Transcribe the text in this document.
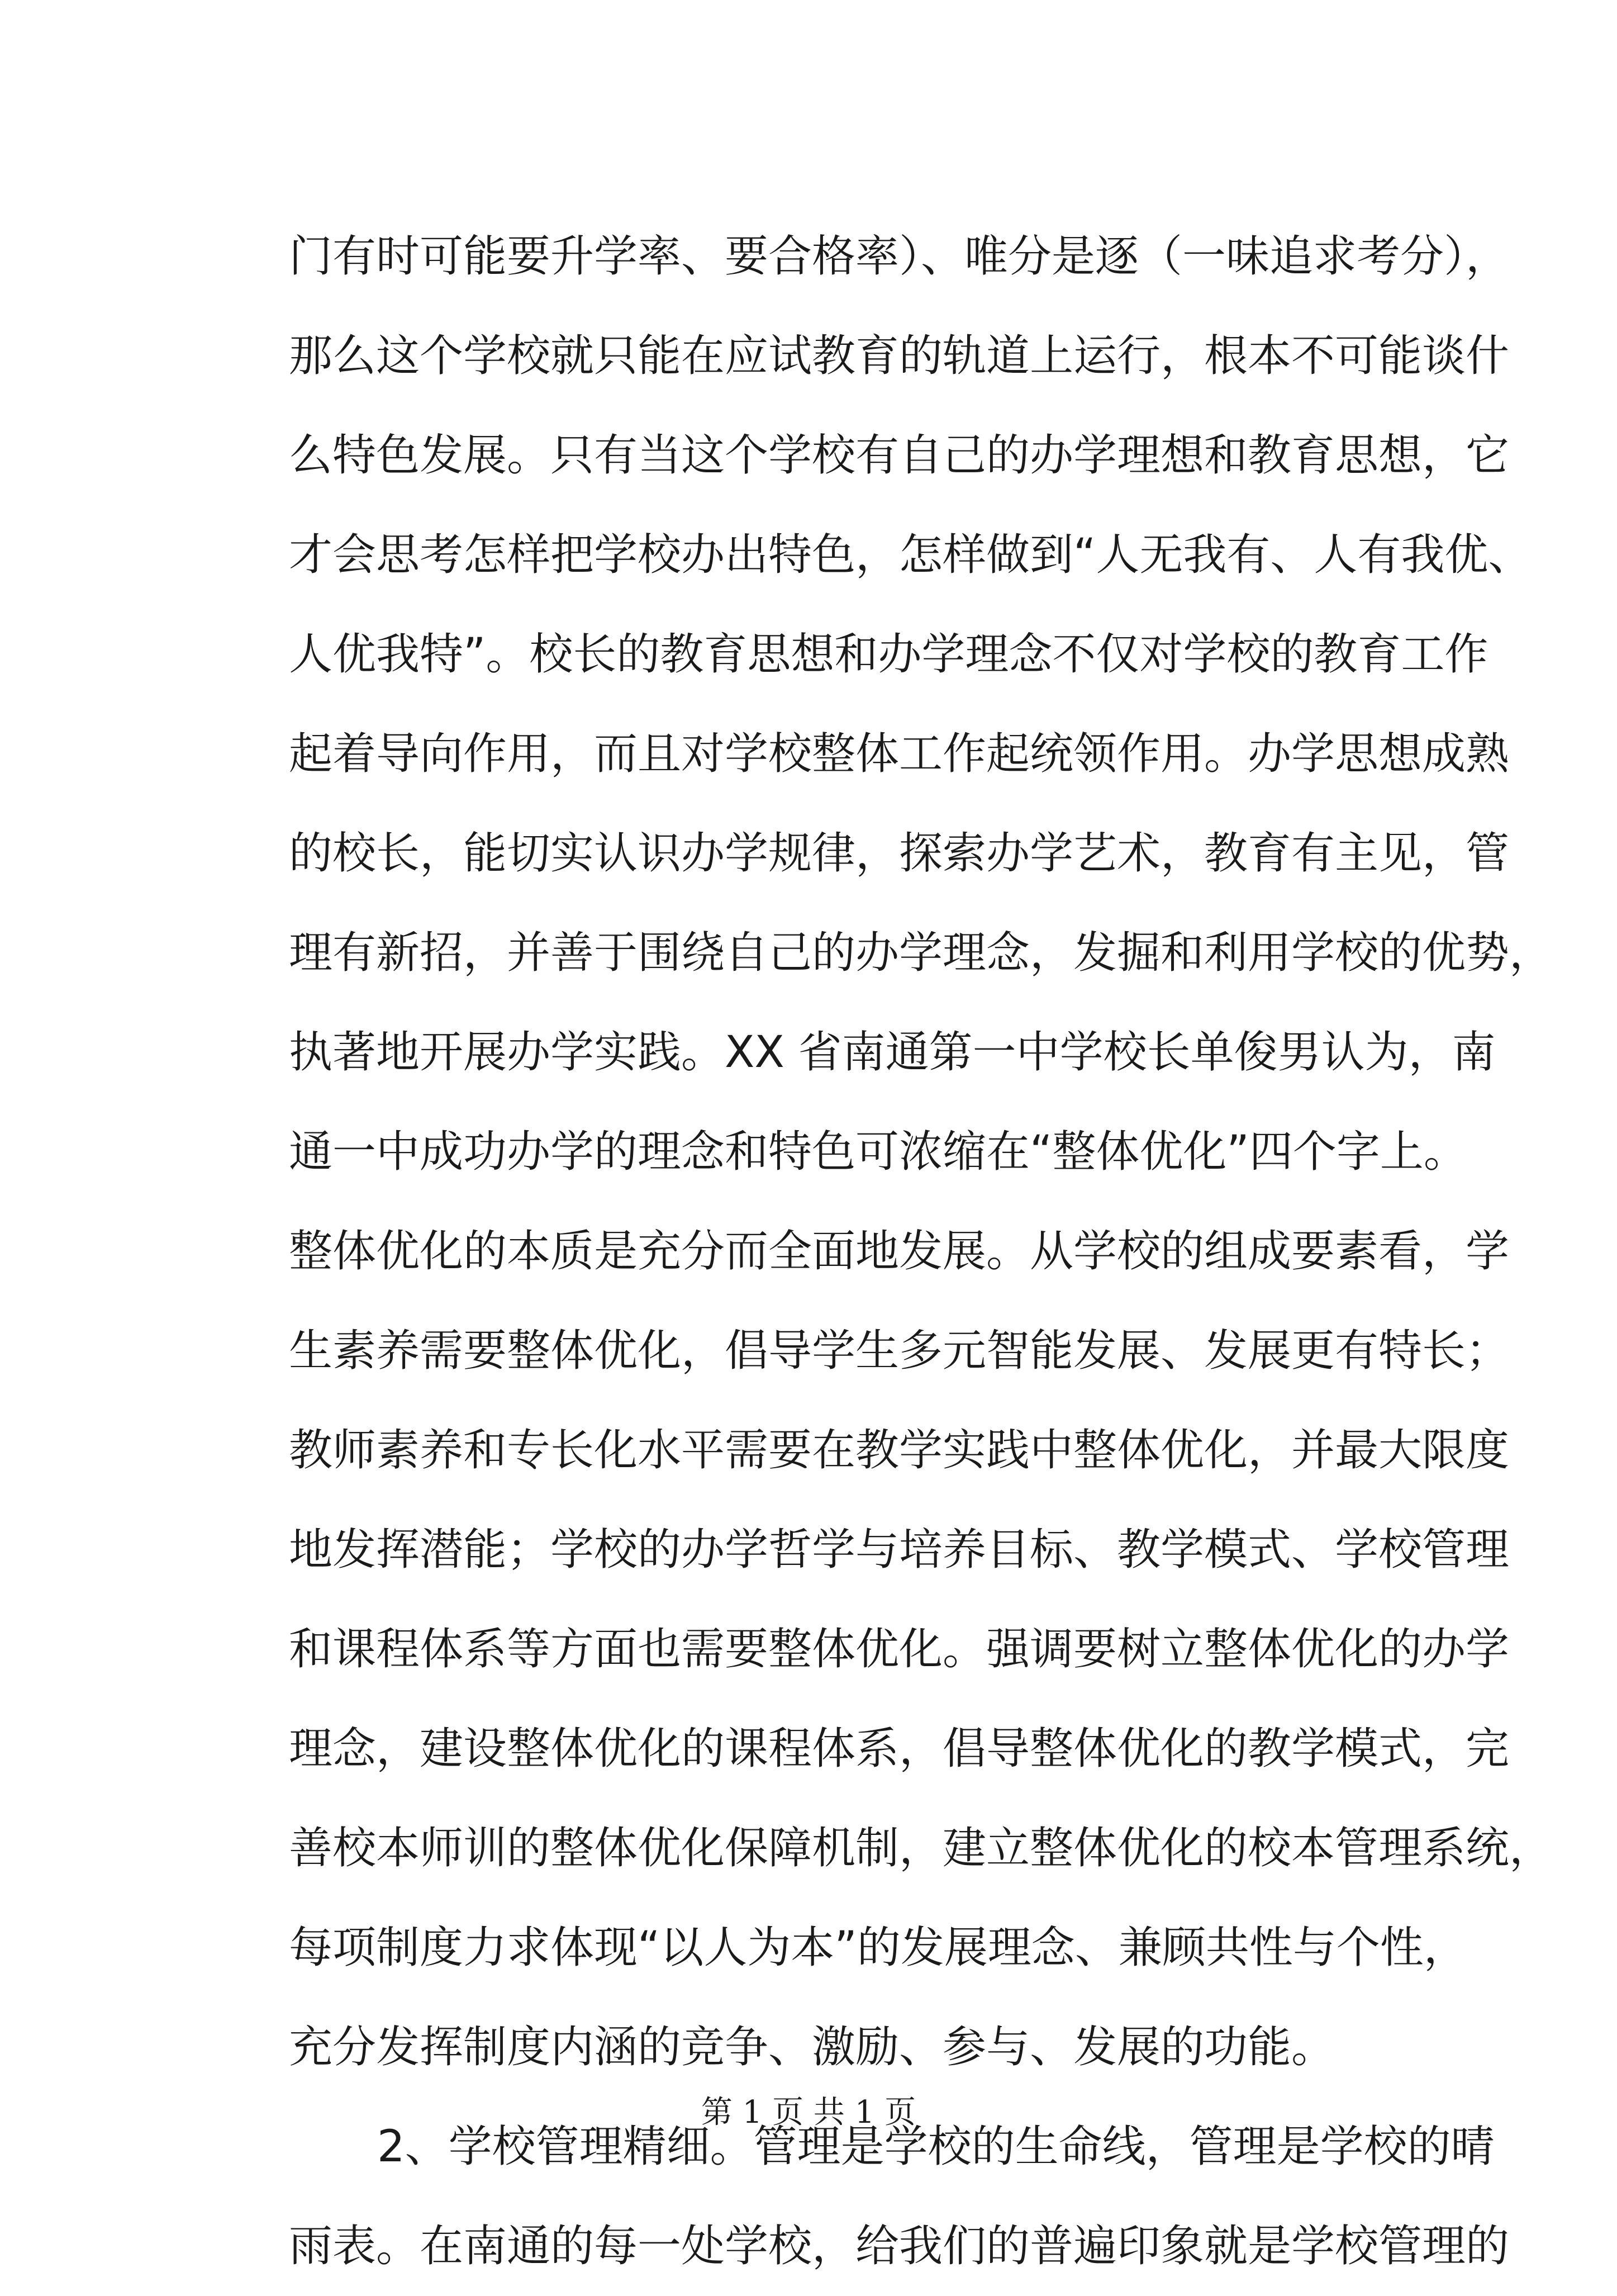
门有时可能要升学率、要合格率）、唯分是逐（一味追求考分），
那么这个学校就只能在应试教育的轨道上运行，根本不可能谈什
么特色发展。只有当这个学校有自己的办学理想和教育思想，它
才会思考怎样把学校办出特色，怎样做到“人无我有、人有我优、
人优我特”。校长的教育思想和办学理念不仅对学校的教育工作
起着导向作用，而且对学校整体工作起统领作用。办学思想成熟
的校长，能切实认识办学规律，探索办学艺术，教育有主见，管
理有新招，并善于围绕自己的办学理念，发掘和利用学校的优势，
执著地开展办学实践。XX 省南通第一中学校长单俊男认为，南
通一中成功办学的理念和特色可浓缩在“整体优化”四个字上。
整体优化的本质是充分而全面地发展。从学校的组成要素看，学
生素养需要整体优化，倡导学生多元智能发展、发展更有特长；
教师素养和专长化水平需要在教学实践中整体优化，并最大限度
地发挥潜能；学校的办学哲学与培养目标、教学模式、学校管理
和课程体系等方面也需要整体优化。强调要树立整体优化的办学
理念，建设整体优化的课程体系，倡导整体优化的教学模式，完
善校本师训的整体优化保障机制，建立整体优化的校本管理系统，
每项制度力求体现“以人为本”的发展理念、兼顾共性与个性，
充分发挥制度内涵的竞争、激励、参与、发展的功能。
2、学校管理精细。管理是学校的生命线，管理是学校的晴
雨表。在南通的每一处学校，给我们的普遍印象就是学校管理的
第 1 页 共 1 页
